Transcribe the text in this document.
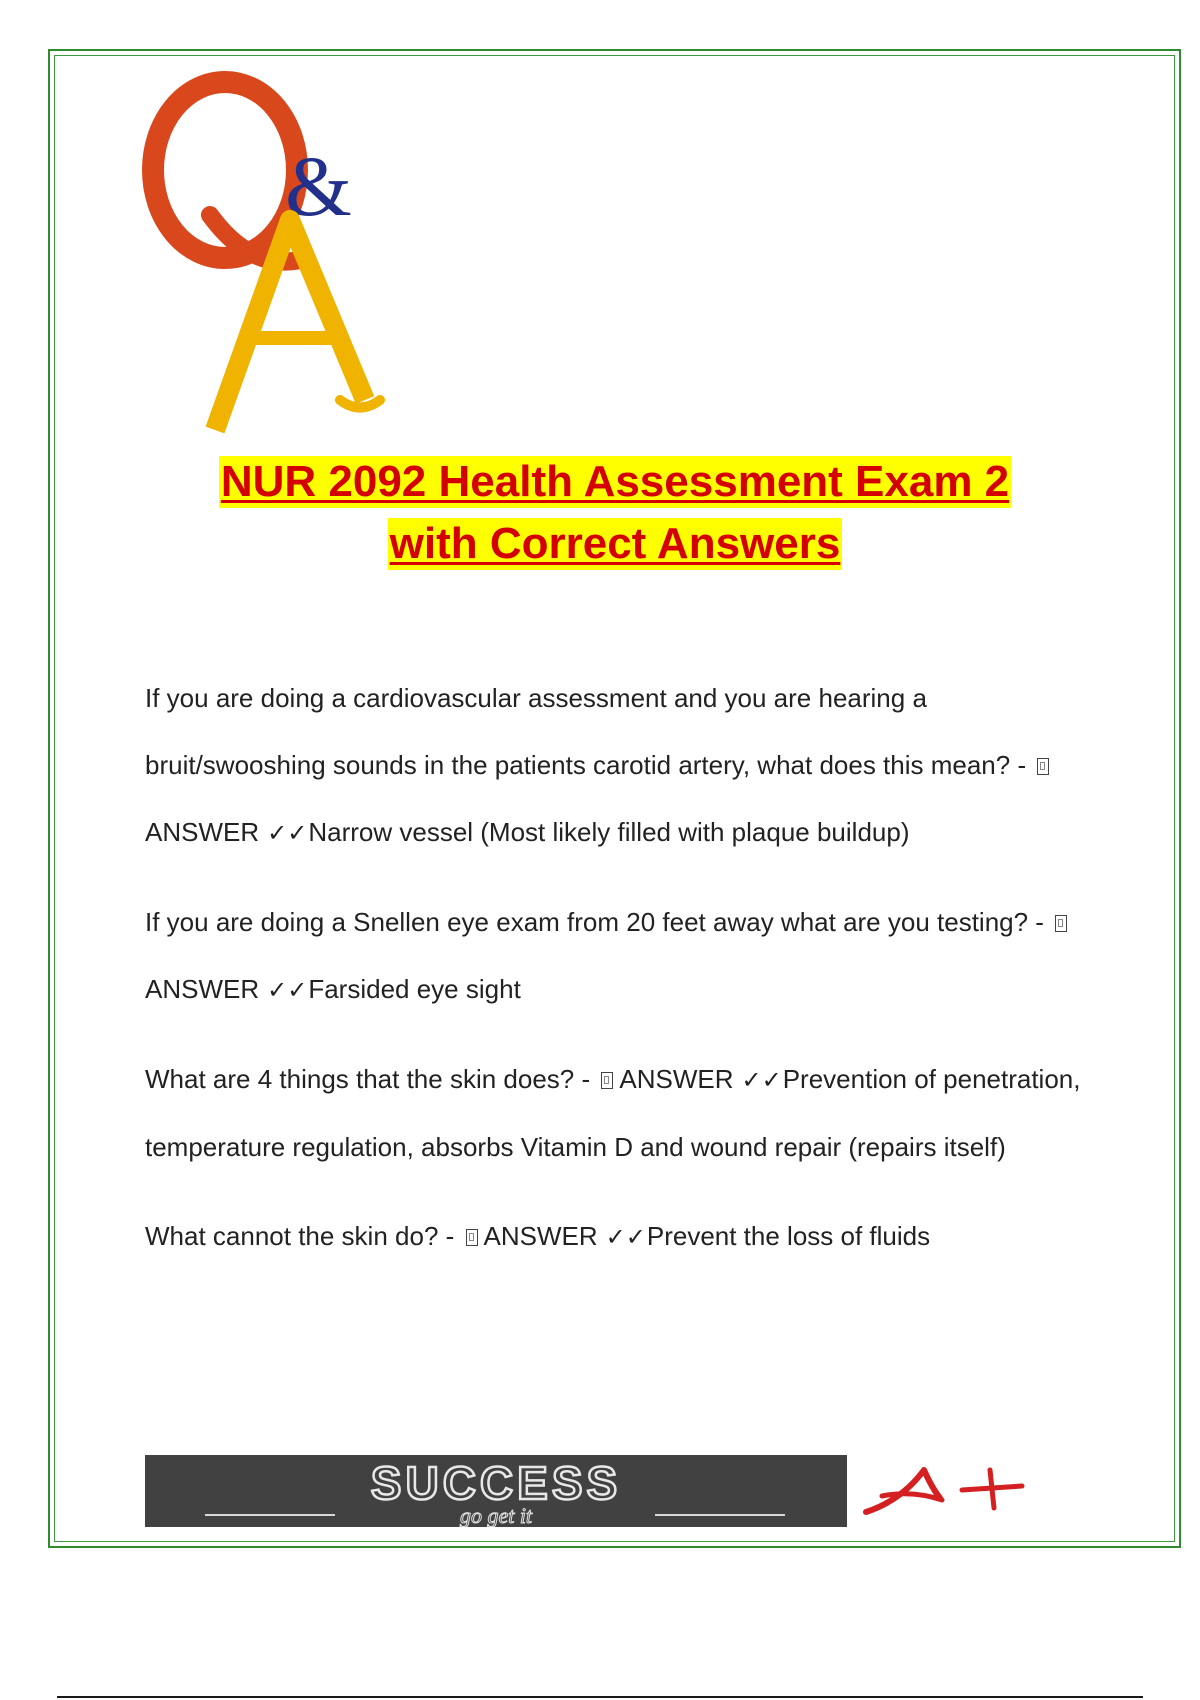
&
NUR 2092 Health Assessment Exam 2
with Correct Answers

If you are doing a cardiovascular assessment and you are hearing a bruit/swooshing sounds in the patients carotid artery, what does this mean? - ANSWER ✓✓Narrow vessel (Most likely filled with plaque buildup)

If you are doing a Snellen eye exam from 20 feet away what are you testing? - ANSWER ✓✓Farsided eye sight

What are 4 things that the skin does? - ANSWER ✓✓Prevention of penetration, temperature regulation, absorbs Vitamin D and wound repair (repairs itself)

What cannot the skin do? - ANSWER ✓✓Prevent the loss of fluids

SUCCESS
go get it
